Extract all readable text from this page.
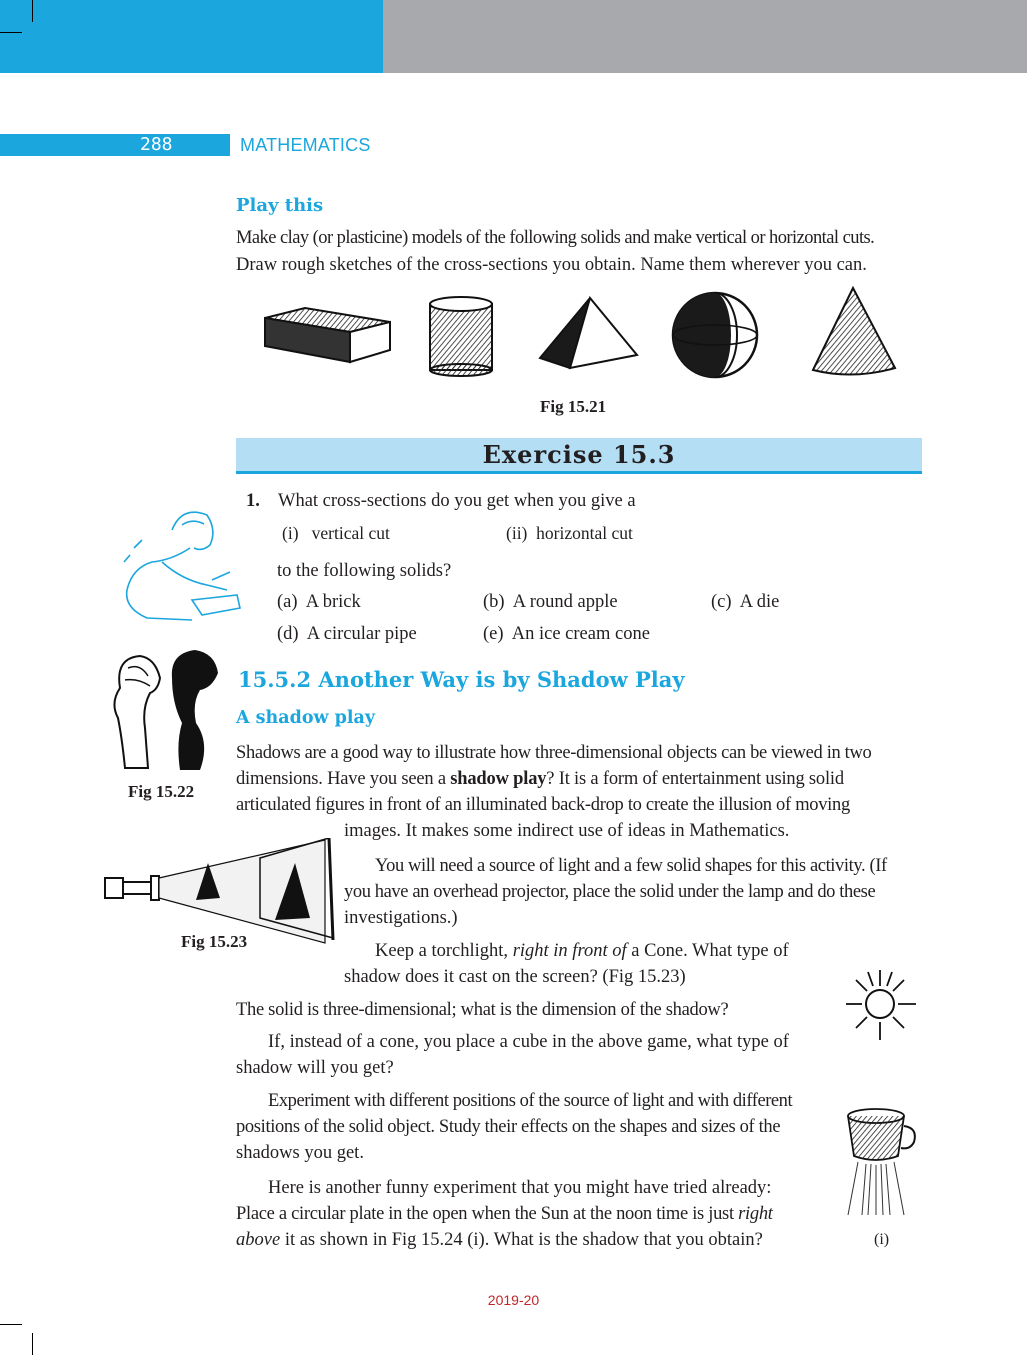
288	MATHEMATICS
Play this
Make clay (or plasticine) models of the following solids and make vertical or horizontal cuts.
Draw rough sketches of the cross-sections you obtain. Name them wherever you can.
Fig 15.21
Exercise 15.3
1. What cross-sections do you get when you give a
(i)   vertical cut	(ii)  horizontal cut
to the following solids?
(a)  A brick	(b)  A round apple	(c)  A die
(d)  A circular pipe	(e)  An ice cream cone
Fig 15.22
15.5.2 Another Way is by Shadow Play
A shadow play
Shadows are a good way to illustrate how three-dimensional objects can be viewed in two
dimensions. Have you seen a shadow play? It is a form of entertainment using solid
articulated figures in front of an illuminated back-drop to create the illusion of moving
images. It makes some indirect use of ideas in Mathematics.
Fig 15.23
You will need a source of light and a few solid shapes for this activity. (If
you have an overhead projector, place the solid under the lamp and do these
investigations.)
Keep a torchlight, right in front of a Cone. What type of
shadow does it cast on the screen? (Fig 15.23)
The solid is three-dimensional; what is the dimension of the shadow?
If, instead of a cone, you place a cube in the above game, what type of
shadow will you get?
Experiment with different positions of the source of light and with different
positions of the solid object. Study their effects on the shapes and sizes of the
shadows you get.
(i)
Here is another funny experiment that you might have tried already:
Place a circular plate in the open when the Sun at the noon time is just right
above it as shown in Fig 15.24 (i). What is the shadow that you obtain?
2019-20
